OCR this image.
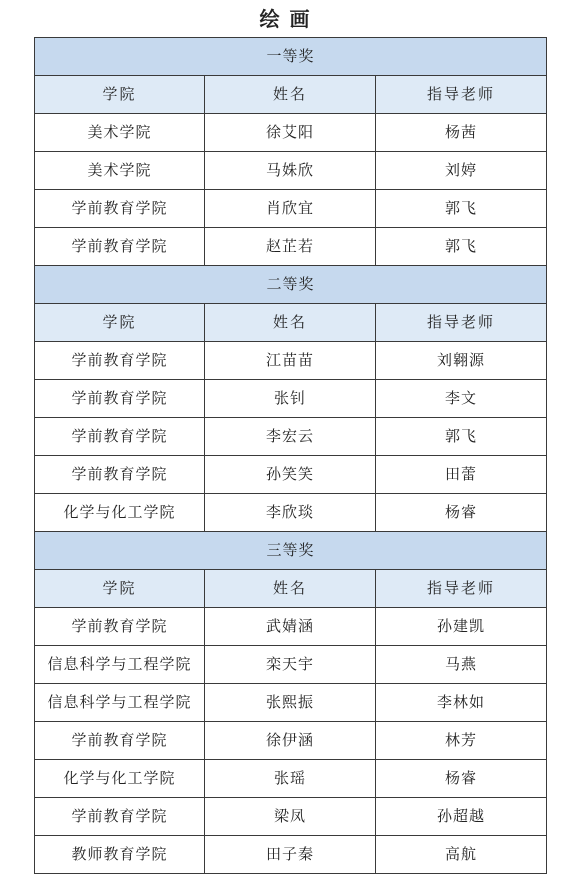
绘画
一等奖		
学院	姓名	指导老师
美术学院	徐艾阳	杨茜
美术学院	马姝欣	刘婷
学前教育学院	肖欣宜	郭飞
学前教育学院	赵芷若	郭飞
二等奖		
学院	姓名	指导老师
学前教育学院	江苗苗	刘翱源
学前教育学院	张钊	李文
学前教育学院	李宏云	郭飞
学前教育学院	孙笑笑	田蕾
化学与化工学院	李欣琰	杨睿
三等奖		
学院	姓名	指导老师
学前教育学院	武婧涵	孙建凯
信息科学与工程学院	栾天宇	马燕
信息科学与工程学院	张熙振	李林如
学前教育学院	徐伊涵	林芳
化学与化工学院	张瑶	杨睿
学前教育学院	梁凤	孙超越
教师教育学院	田子秦	高航
